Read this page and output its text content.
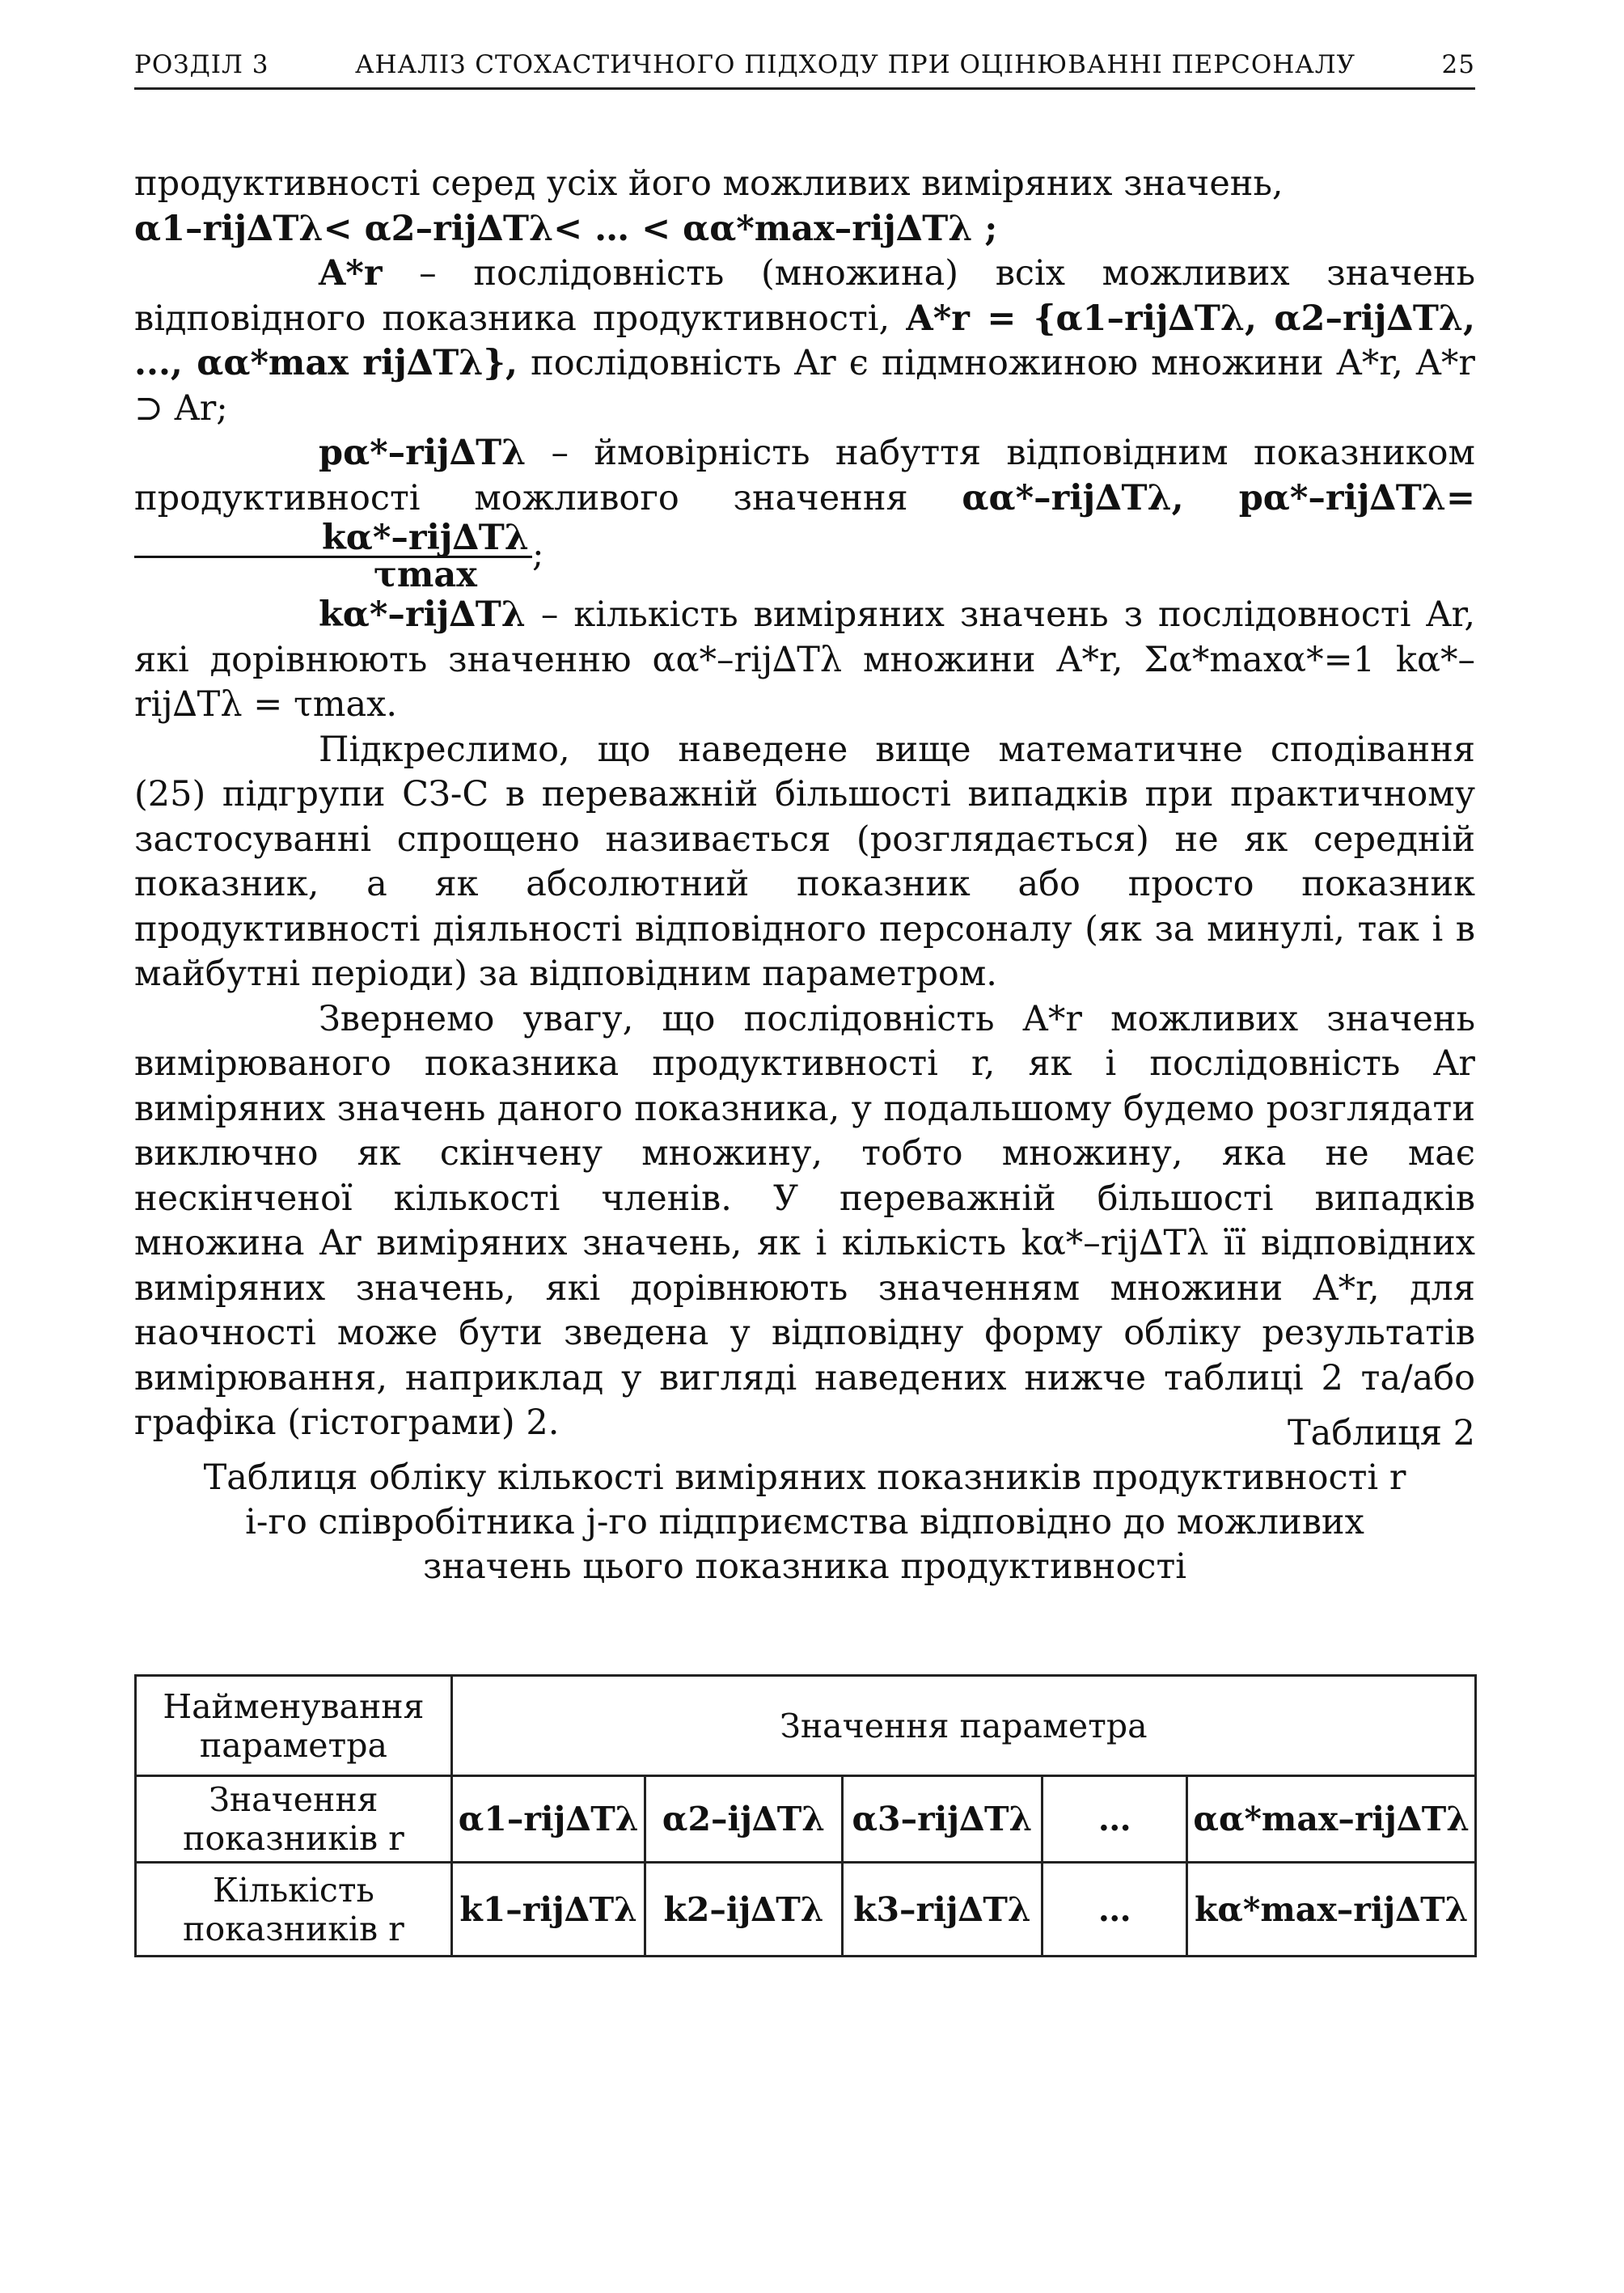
РОЗДІЛ 3	АНАЛІЗ СТОХАСТИЧНОГО ПІДХОДУ ПРИ ОЦІНЮВАННІ ПЕРСОНАЛУ	25

продуктивності серед усіх його можливих виміряних значень,
α1–rij∆Tλ< α2–rij∆Tλ< … < αα*max–rij∆Tλ ;

A*r – послідовність (множина) всіх можливих значень відповідного показника продуктивності, A*r = {α1–rij∆Tλ, α2–rij∆Tλ, ..., αα*max rij∆Tλ}, послідовність Ar є підмножиною множини A*r, A*r ⊃ Ar;

pα*–rij∆Tλ – ймовірність набуття відповідним показником продуктивності можливого значення αα*–rij∆Tλ, pα*–rij∆Tλ=
$\frac{\text{kα*–rij∆Tλ}}{\tau\max}$ ;

kα*–rij∆Tλ – кількість виміряних значень з послідовності Ar, які дорівнюють значенню αα*–rij∆Tλ множини A*r, Σα*maxα*=1 kα*–rij∆Tλ = τmax.

Підкреслимо, що наведене вище математичне сподівання (25) підгрупи СЗ-С в переважній більшості випадків при практичному застосуванні спрощено називається (розглядається) не як середній показник, а як абсолютний показник або просто показник продуктивності діяльності відповідного персоналу (як за минулі, так і в майбутні періоди) за відповідним параметром.

Звернемо увагу, що послідовність A*r можливих значень вимірюваного показника продуктивності r, як і послідовність Ar виміряних значень даного показника, у подальшому будемо розглядати виключно як скінчену множину, тобто множину, яка не має нескінченої кількості членів. У переважній більшості випадків множина Ar виміряних значень, як і кількість kα*–rij∆Tλ її відповідних виміряних значень, які дорівнюють значенням множини A*r, для наочності може бути зведена у відповідну форму обліку результатів вимірювання, наприклад у вигляді наведених нижче таблиці 2 та/або графіка (гістограми) 2.	Таблиця 2
Таблиця обліку кількості виміряних показників продуктивності r
i-го співробітника j-го підприємства відповідно до можливих
значень цього показника продуктивності
Найменування параметра	Значення параметра				
Значення показників r	α1–rij∆Tλ	α2–ij∆Tλ	α3–rij∆Tλ	…	αα*max–rij∆Tλ
Кількість показників r	k1–rij∆Tλ	k2–ij∆Tλ	k3–rij∆Tλ	…	kα*max–rij∆Tλ
